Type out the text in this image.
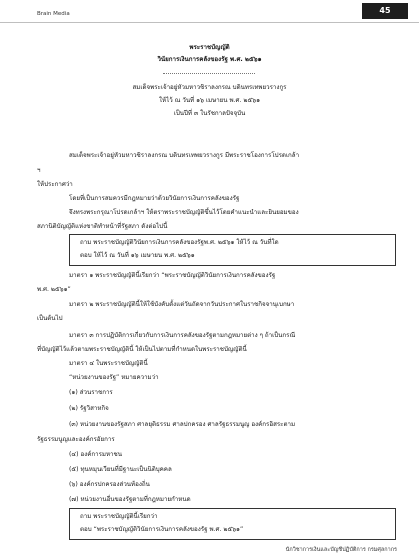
Brain Media	45
พระราชบัญญัติ
วินัยการเงินการคลังของรัฐ พ.ศ. ๒๕๖๑
สมเด็จพระเจ้าอยู่หัวมหาวชิราลงกรณ บดินทรเทพยวรางกูร
ให้ไว้ ณ วันที่ ๑๖ เมษายน พ.ศ. ๒๕๖๑
เป็นปีที่ ๓ ในรัชกาลปัจจุบัน
สมเด็จพระเจ้าอยู่หัวมหาวชิราลงกรณ บดินทรเทพยวรางกูร มีพระราชโองการโปรดเกล้า
ฯ
ให้ประกาศว่า
โดยที่เป็นการสมควรมีกฎหมายว่าด้วยวินัยการเงินการคลังของรัฐ
จึงทรงพระกรุณาโปรดเกล้าฯ ให้ตราพระราชบัญญัติขึ้นไว้โดยคำแนะนำและยินยอมของ
สภานิติบัญญัติแห่งชาติทำหน้าที่รัฐสภา ดังต่อไปนี้
ถาม พระราชบัญญัติวินัยการเงินการคลังของรัฐพ.ศ. ๒๕๖๑ ให้ไว้ ณ วันที่ใด
ตอบ ให้ไว้ ณ วันที่ ๑๖ เมษายน พ.ศ. ๒๕๖๑
มาตรา ๑ พระราชบัญญัตินี้เรียกว่า “พระราชบัญญัติวินัยการเงินการคลังของรัฐ
พ.ศ. ๒๕๖๑”
มาตรา ๒ พระราชบัญญัตินี้ให้ใช้บังคับตั้งแต่วันถัดจากวันประกาศในราชกิจจานุเบกษา
เป็นต้นไป
มาตรา ๓ การปฏิบัติการเกี่ยวกับการเงินการคลังของรัฐตามกฎหมายต่าง ๆ ถ้าเป็นกรณี
ที่บัญญัติไว้แล้วตามพระราชบัญญัตินี้ ให้เป็นไปตามที่กำหนดในพระราชบัญญัตินี้
มาตรา ๔ ในพระราชบัญญัตินี้
“หน่วยงานของรัฐ” หมายความว่า
(๑) ส่วนราชการ
(๒) รัฐวิสาหกิจ
(๓) หน่วยงานของรัฐสภา ศาลยุติธรรม ศาลปกครอง ศาลรัฐธรรมนูญ องค์กรอิสระตาม
รัฐธรรมนูญและองค์กรอัยการ
(๔) องค์การมหาชน
(๕) ทุนหมุนเวียนที่มีฐานะเป็นนิติบุคคล
(๖) องค์กรปกครองส่วนท้องถิ่น
(๗) หน่วยงานอื่นของรัฐตามที่กฎหมายกำหนด
ถาม พระราชบัญญัตินี้เรียกว่า
ตอบ “พระราชบัญญัติวินัยการเงินการคลังของรัฐ พ.ศ. ๒๕๖๑”
นักวิชาการเงินและบัญชีปฏิบัติการ กรมศุลกากร
